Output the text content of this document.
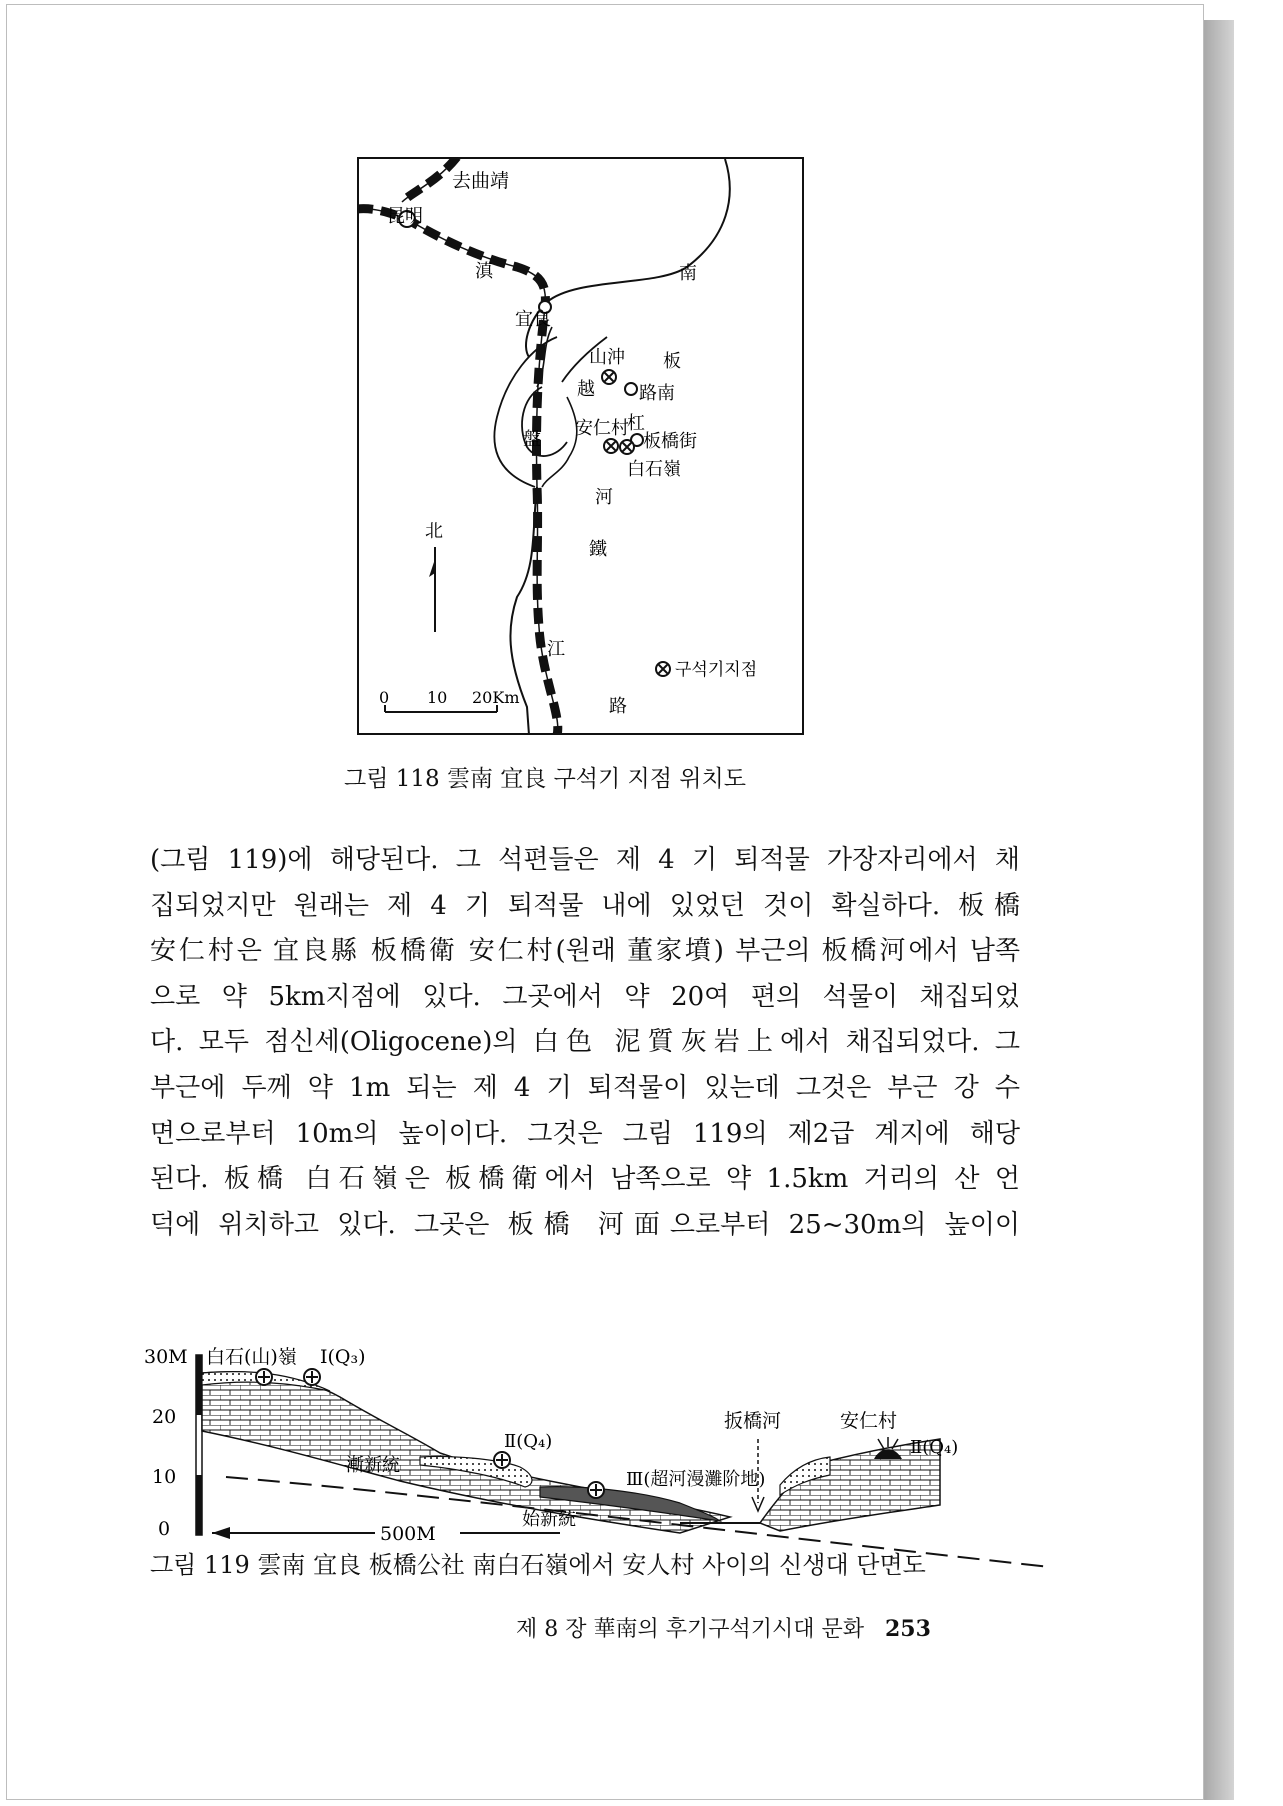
去曲靖
昆明
滇	南
宜良
山沖 板
越 路南
杠
安仁村
盤	板橋街
白石嶺
河
北
鐵
江
路
구석기지점
0 10 20Km
그림 118 雲南 宜良 구석기 지점 위치도
(그림 119)에 해당된다. 그 석편들은 제 4 기 퇴적물 가장자리에서 채
집되었지만 원래는 제 4 기 퇴적물 내에 있었던 것이 확실하다. 板橋
安仁村은 宜良縣 板橋衛 安仁村(원래 董家墳) 부근의 板橋河에서 남쪽
으로 약 5km지점에 있다. 그곳에서 약 20여 편의 석물이 채집되었
다. 모두 점신세(Oligocene)의 白色 泥質灰岩上에서 채집되었다. 그
부근에 두께 약 1m 되는 제 4 기 퇴적물이 있는데 그것은 부근 강 수
면으로부터 10m의 높이이다. 그것은 그림 119의 제2급 계지에 해당
된다. 板橋 白石嶺은 板橋衛에서 남쪽으로 약 1.5km 거리의 산 언
덕에 위치하고 있다. 그곳은 板橋 河面으로부터 25~30m의 높이이
30M
20
10
0
白石(山)嶺 Ⅰ(Q₃)
Ⅱ(Q₄)	Ⅱ(Q₄)
Ⅲ(超河漫灘阶地)
漸新統
始新統
扳橋河	安仁村
500M
그림 119 雲南 宜良 板橋公社 南白石嶺에서 安人村 사이의 신생대 단면도
제 8 장 華南의 후기구석기시대 문화 253
